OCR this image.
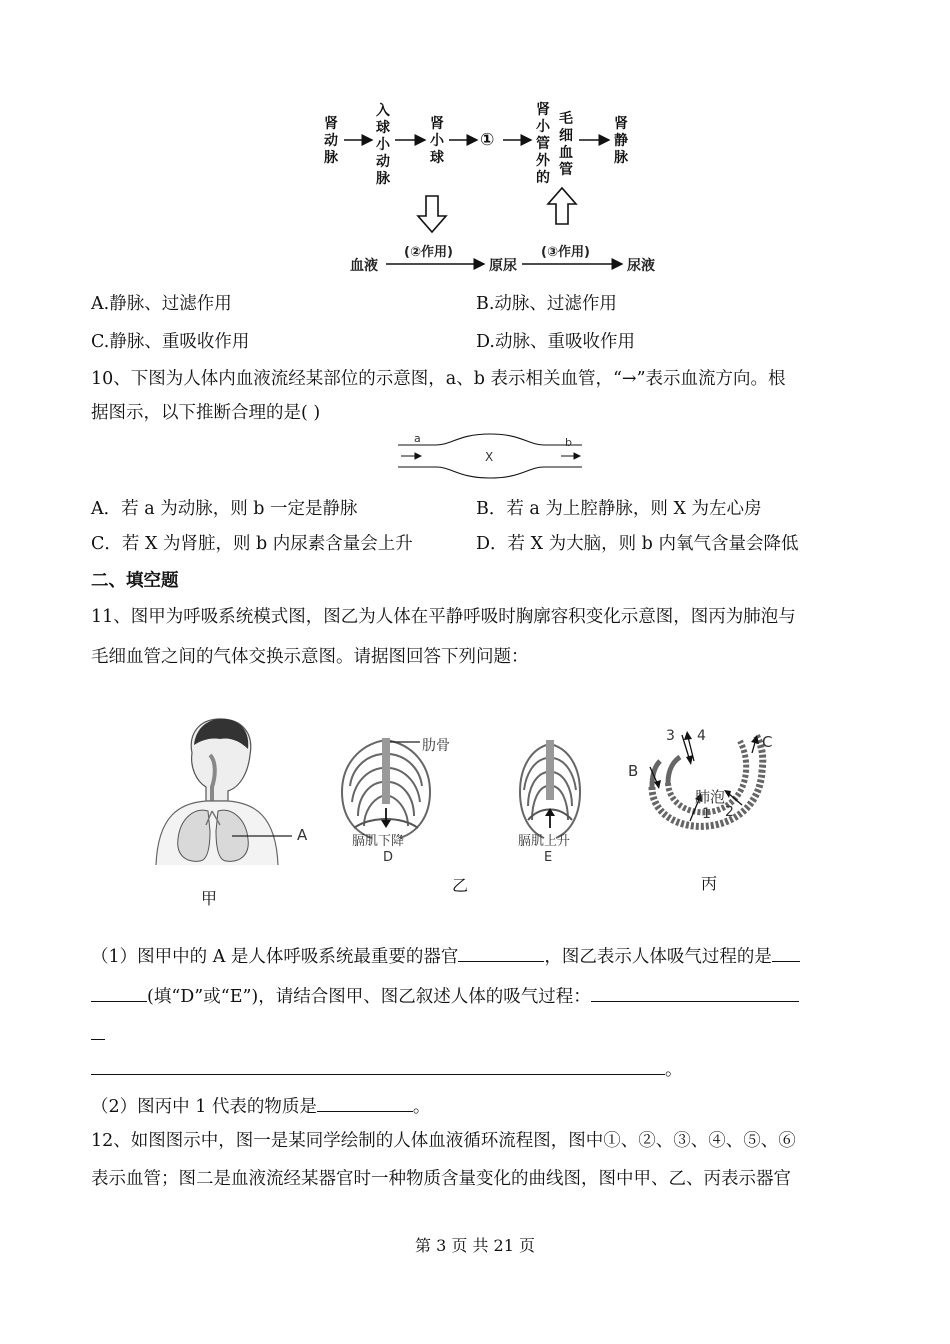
肾动脉
入球小动脉
肾小球
①
肾小管外的
毛细血管
肾静脉
血液
(②作用)
原尿
(③作用)
尿液
A.静脉、过滤作用	B.动脉、过滤作用
C.静脉、重吸收作用	D.动脉、重吸收作用
10、下图为人体内血液流经某部位的示意图，a、b 表示相关血管，“→”表示血流方向。根
据图示，以下推断合理的是( )
a	b
X
A．若 a 为动脉，则 b 一定是静脉	B．若 a 为上腔静脉，则 X 为左心房
C．若 X 为肾脏，则 b 内尿素含量会上升	D．若 X 为大脑，则 b 内氧气含量会降低
二、填空题
11、图甲为呼吸系统模式图，图乙为人体在平静呼吸时胸廓容积变化示意图，图丙为肺泡与
毛细血管之间的气体交换示意图。请据图回答下列问题：
A
甲
肋骨
膈肌下降
D
膈肌上升
E
乙
3 4
B
C
肺泡
1 2
丙
（1）图甲中的 A 是人体呼吸系统最重要的器官	，图乙表示人体吸气过程的是
(填“D”或“E”)，请结合图甲、图乙叙述人体的吸气过程：
。
（2）图丙中 1 代表的物质是	。
12、如图图示中，图一是某同学绘制的人体血液循环流程图，图中①、②、③、④、⑤、⑥
表示血管；图二是血液流经某器官时一种物质含量变化的曲线图，图中甲、乙、丙表示器官
第 3 页 共 21 页
